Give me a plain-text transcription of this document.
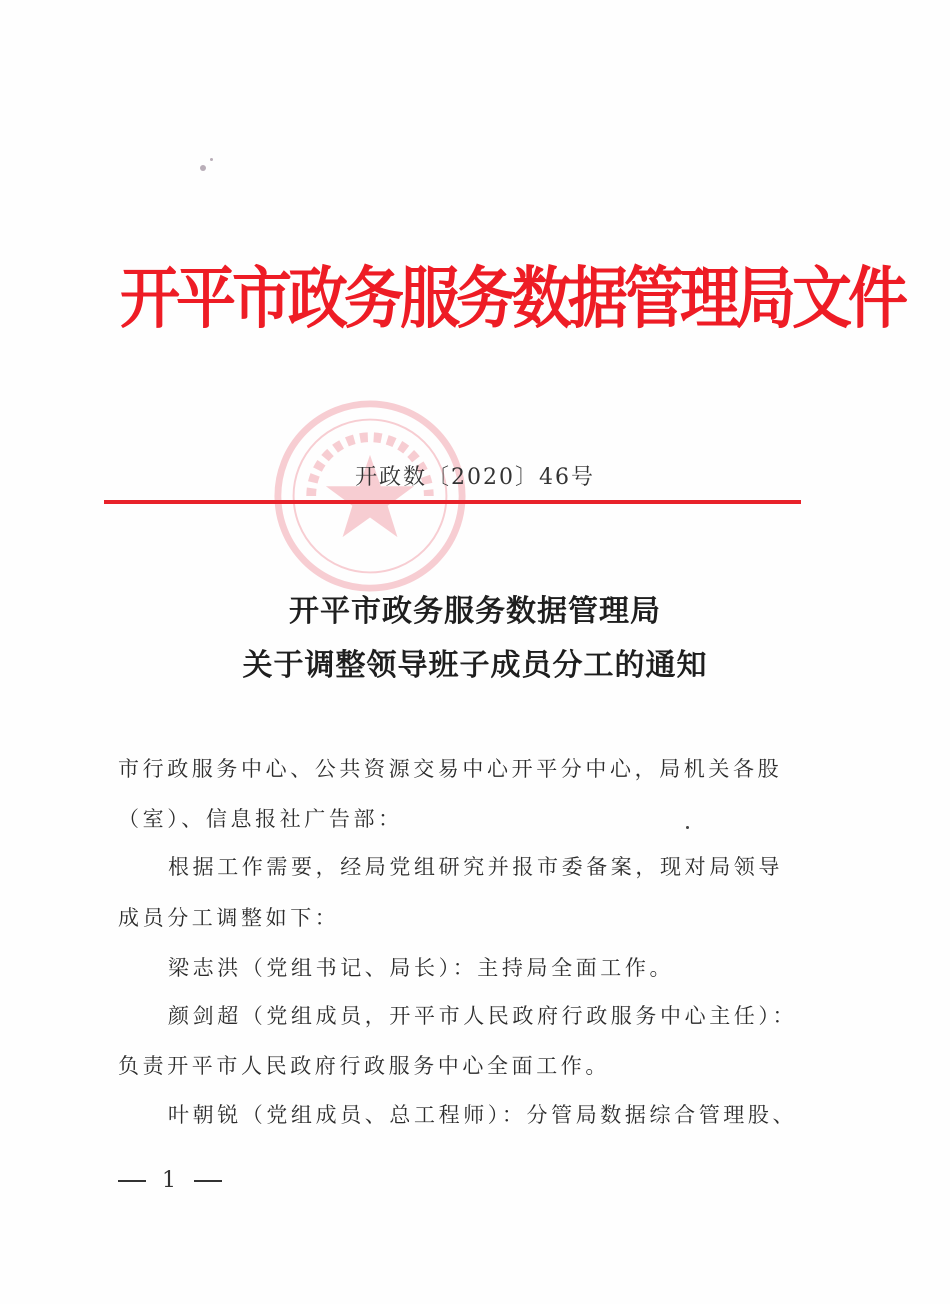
开平市政务服务数据管理局文件
开政数〔2020〕46号
开平市政务服务数据管理局
关于调整领导班子成员分工的通知
市行政服务中心、公共资源交易中心开平分中心，局机关各股
（室）、信息报社广告部：
根据工作需要，经局党组研究并报市委备案，现对局领导
成员分工调整如下：
梁志洪（党组书记、局长）：主持局全面工作。
颜剑超（党组成员，开平市人民政府行政服务中心主任）：
负责开平市人民政府行政服务中心全面工作。
叶朝锐（党组成员、总工程师）：分管局数据综合管理股、
1
